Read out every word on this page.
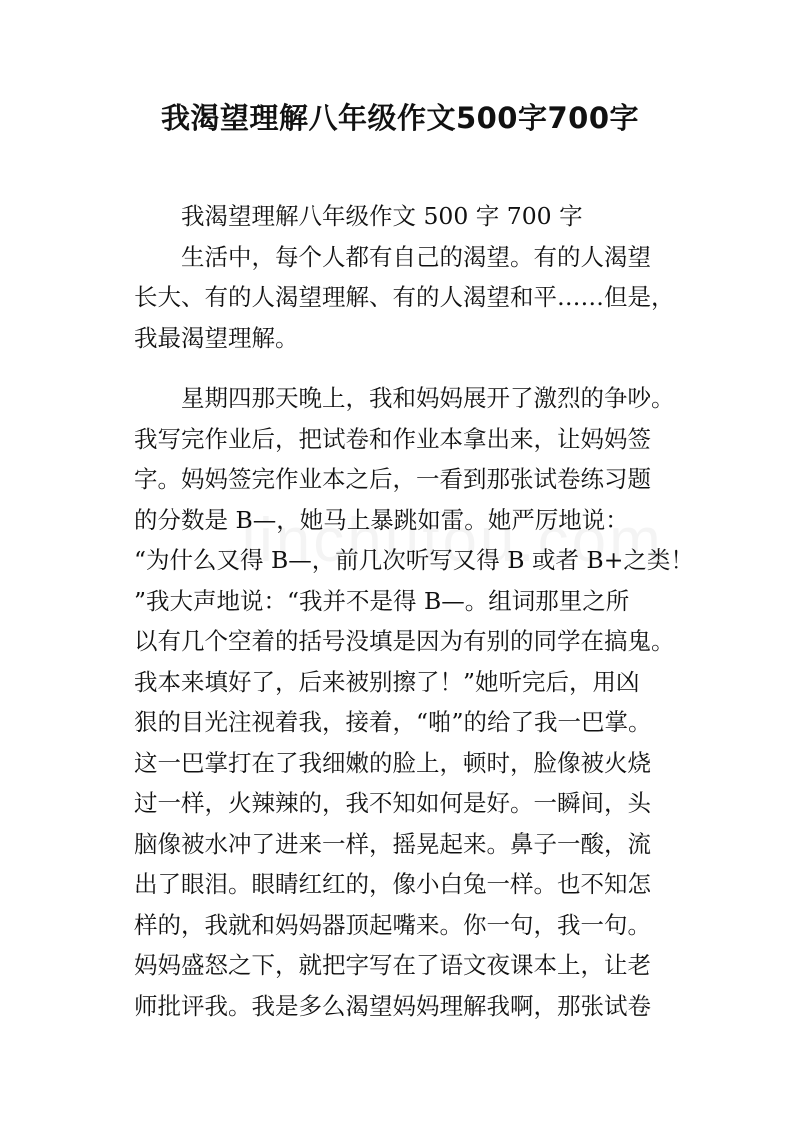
我渴望理解八年级作文500字700字
我渴望理解八年级作文 500 字 700 字
生活中，每个人都有自己的渴望。有的人渴望
长大、有的人渴望理解、有的人渴望和平……但是，
我最渴望理解。
星期四那天晚上，我和妈妈展开了激烈的争吵。
我写完作业后，把试卷和作业本拿出来，让妈妈签
字。妈妈签完作业本之后，一看到那张试卷练习题
的分数是 B—，她马上暴跳如雷。她严厉地说：
“为什么又得 B—，前几次听写又得 B 或者 B+之类！
”我大声地说：“我并不是得 B—。组词那里之所
以有几个空着的括号没填是因为有别的同学在搞鬼。
我本来填好了，后来被别擦了！”她听完后，用凶
狠的目光注视着我，接着，“啪”的给了我一巴掌。
这一巴掌打在了我细嫩的脸上，顿时，脸像被火烧
过一样，火辣辣的，我不知如何是好。一瞬间，头
脑像被水冲了进来一样，摇晃起来。鼻子一酸，流
出了眼泪。眼睛红红的，像小白兔一样。也不知怎
样的，我就和妈妈器顶起嘴来。你一句，我一句。
妈妈盛怒之下，就把字写在了语文夜课本上，让老
师批评我。我是多么渴望妈妈理解我啊，那张试卷
